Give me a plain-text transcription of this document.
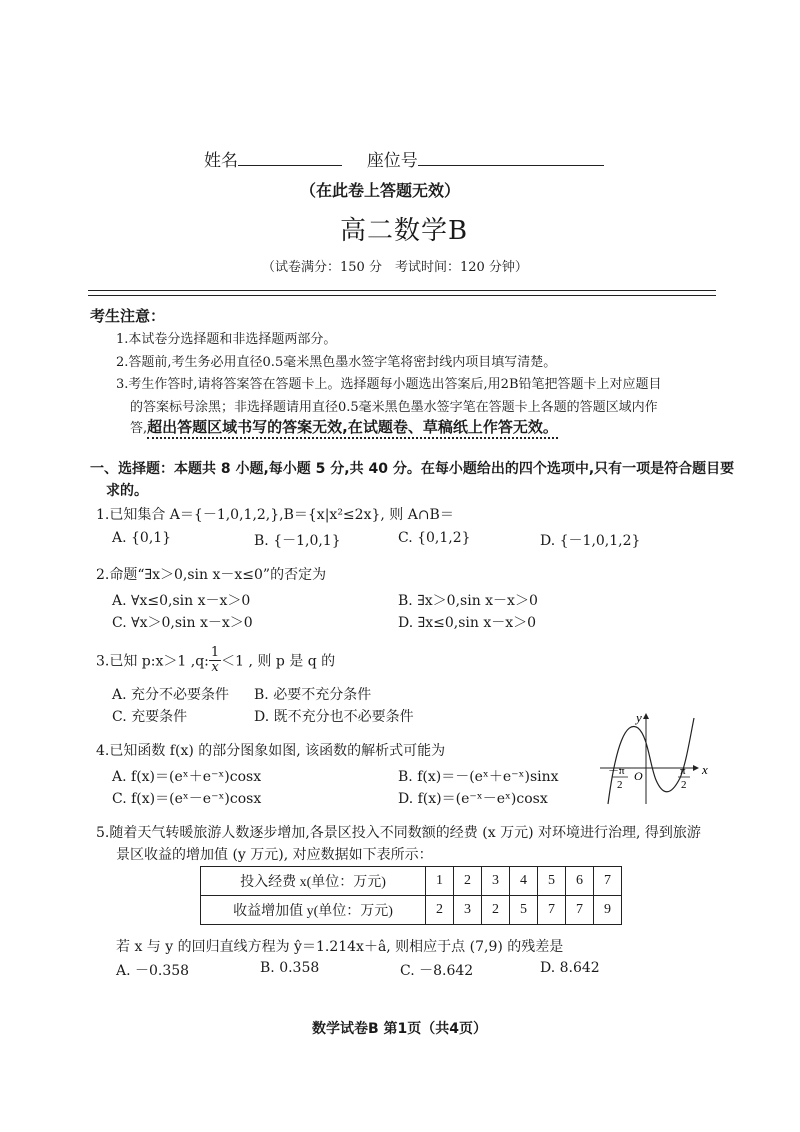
姓名	座位号
（在此卷上答题无效）
高二数学B
（试卷满分：150 分　考试时间：120 分钟）
考生注意：
1.本试卷分选择题和非选择题两部分。
2.答题前,考生务必用直径0.5毫米黑色墨水签字笔将密封线内项目填写清楚。
3.考生作答时,请将答案答在答题卡上。选择题每小题选出答案后,用2B铅笔把答题卡上对应题目
的答案标号涂黑；非选择题请用直径0.5毫米黑色墨水签字笔在答题卡上各题的答题区域内作
答,超出答题区域书写的答案无效,在试题卷、草稿纸上作答无效。
一、选择题：本题共 8 小题,每小题 5 分,共 40 分。在每小题给出的四个选项中,只有一项是符合题目要
求的。
1.已知集合 A＝{－1,0,1,2,},B＝{x|x²≤2x}, 则 A∩B＝
A. {0,1}	B. {－1,0,1}	C. {0,1,2}	D. {－1,0,1,2}
2.命题“∃x＞0,sin x－x≤0”的否定为
A. ∀x≤0,sin x－x＞0	B. ∃x＞0,sin x－x＞0
C. ∀x＞0,sin x－x＞0	D. ∃x≤0,sin x－x＞0
3.已知 p:x＞1 ,q: $\frac{1}{x} <1$ , 则 p 是 q 的
A. 充分不必要条件 B. 必要不充分条件
C. 充要条件	D. 既不充分也不必要条件
4.已知函数 f(x) 的部分图象如图, 该函数的解析式可能为
A. f(x)＝(eˣ＋e⁻ˣ)cosx	B. f(x)＝－(eˣ＋e⁻ˣ)sinx
C. f(x)＝(eˣ－e⁻ˣ)cosx	D. f(x)＝(e⁻ˣ－eˣ)cosx
y
x
O
－π
2
π
2
5.随着天气转暖旅游人数逐步增加,各景区投入不同数额的经费 (x 万元) 对环境进行治理, 得到旅游
景区收益的增加值 (y 万元), 对应数据如下表所示：
投入经费 x(单位：万元)	1	2	3	4	5	6	7
收益增加值 y(单位：万元)	2	3	2	5	7	7	9
若 x 与 y 的回归直线方程为 ŷ＝1.214x＋â, 则相应于点 (7,9) 的残差是
A. －0.358	B. 0.358	C. －8.642	D. 8.642
数学试卷B 第1页（共4页）
